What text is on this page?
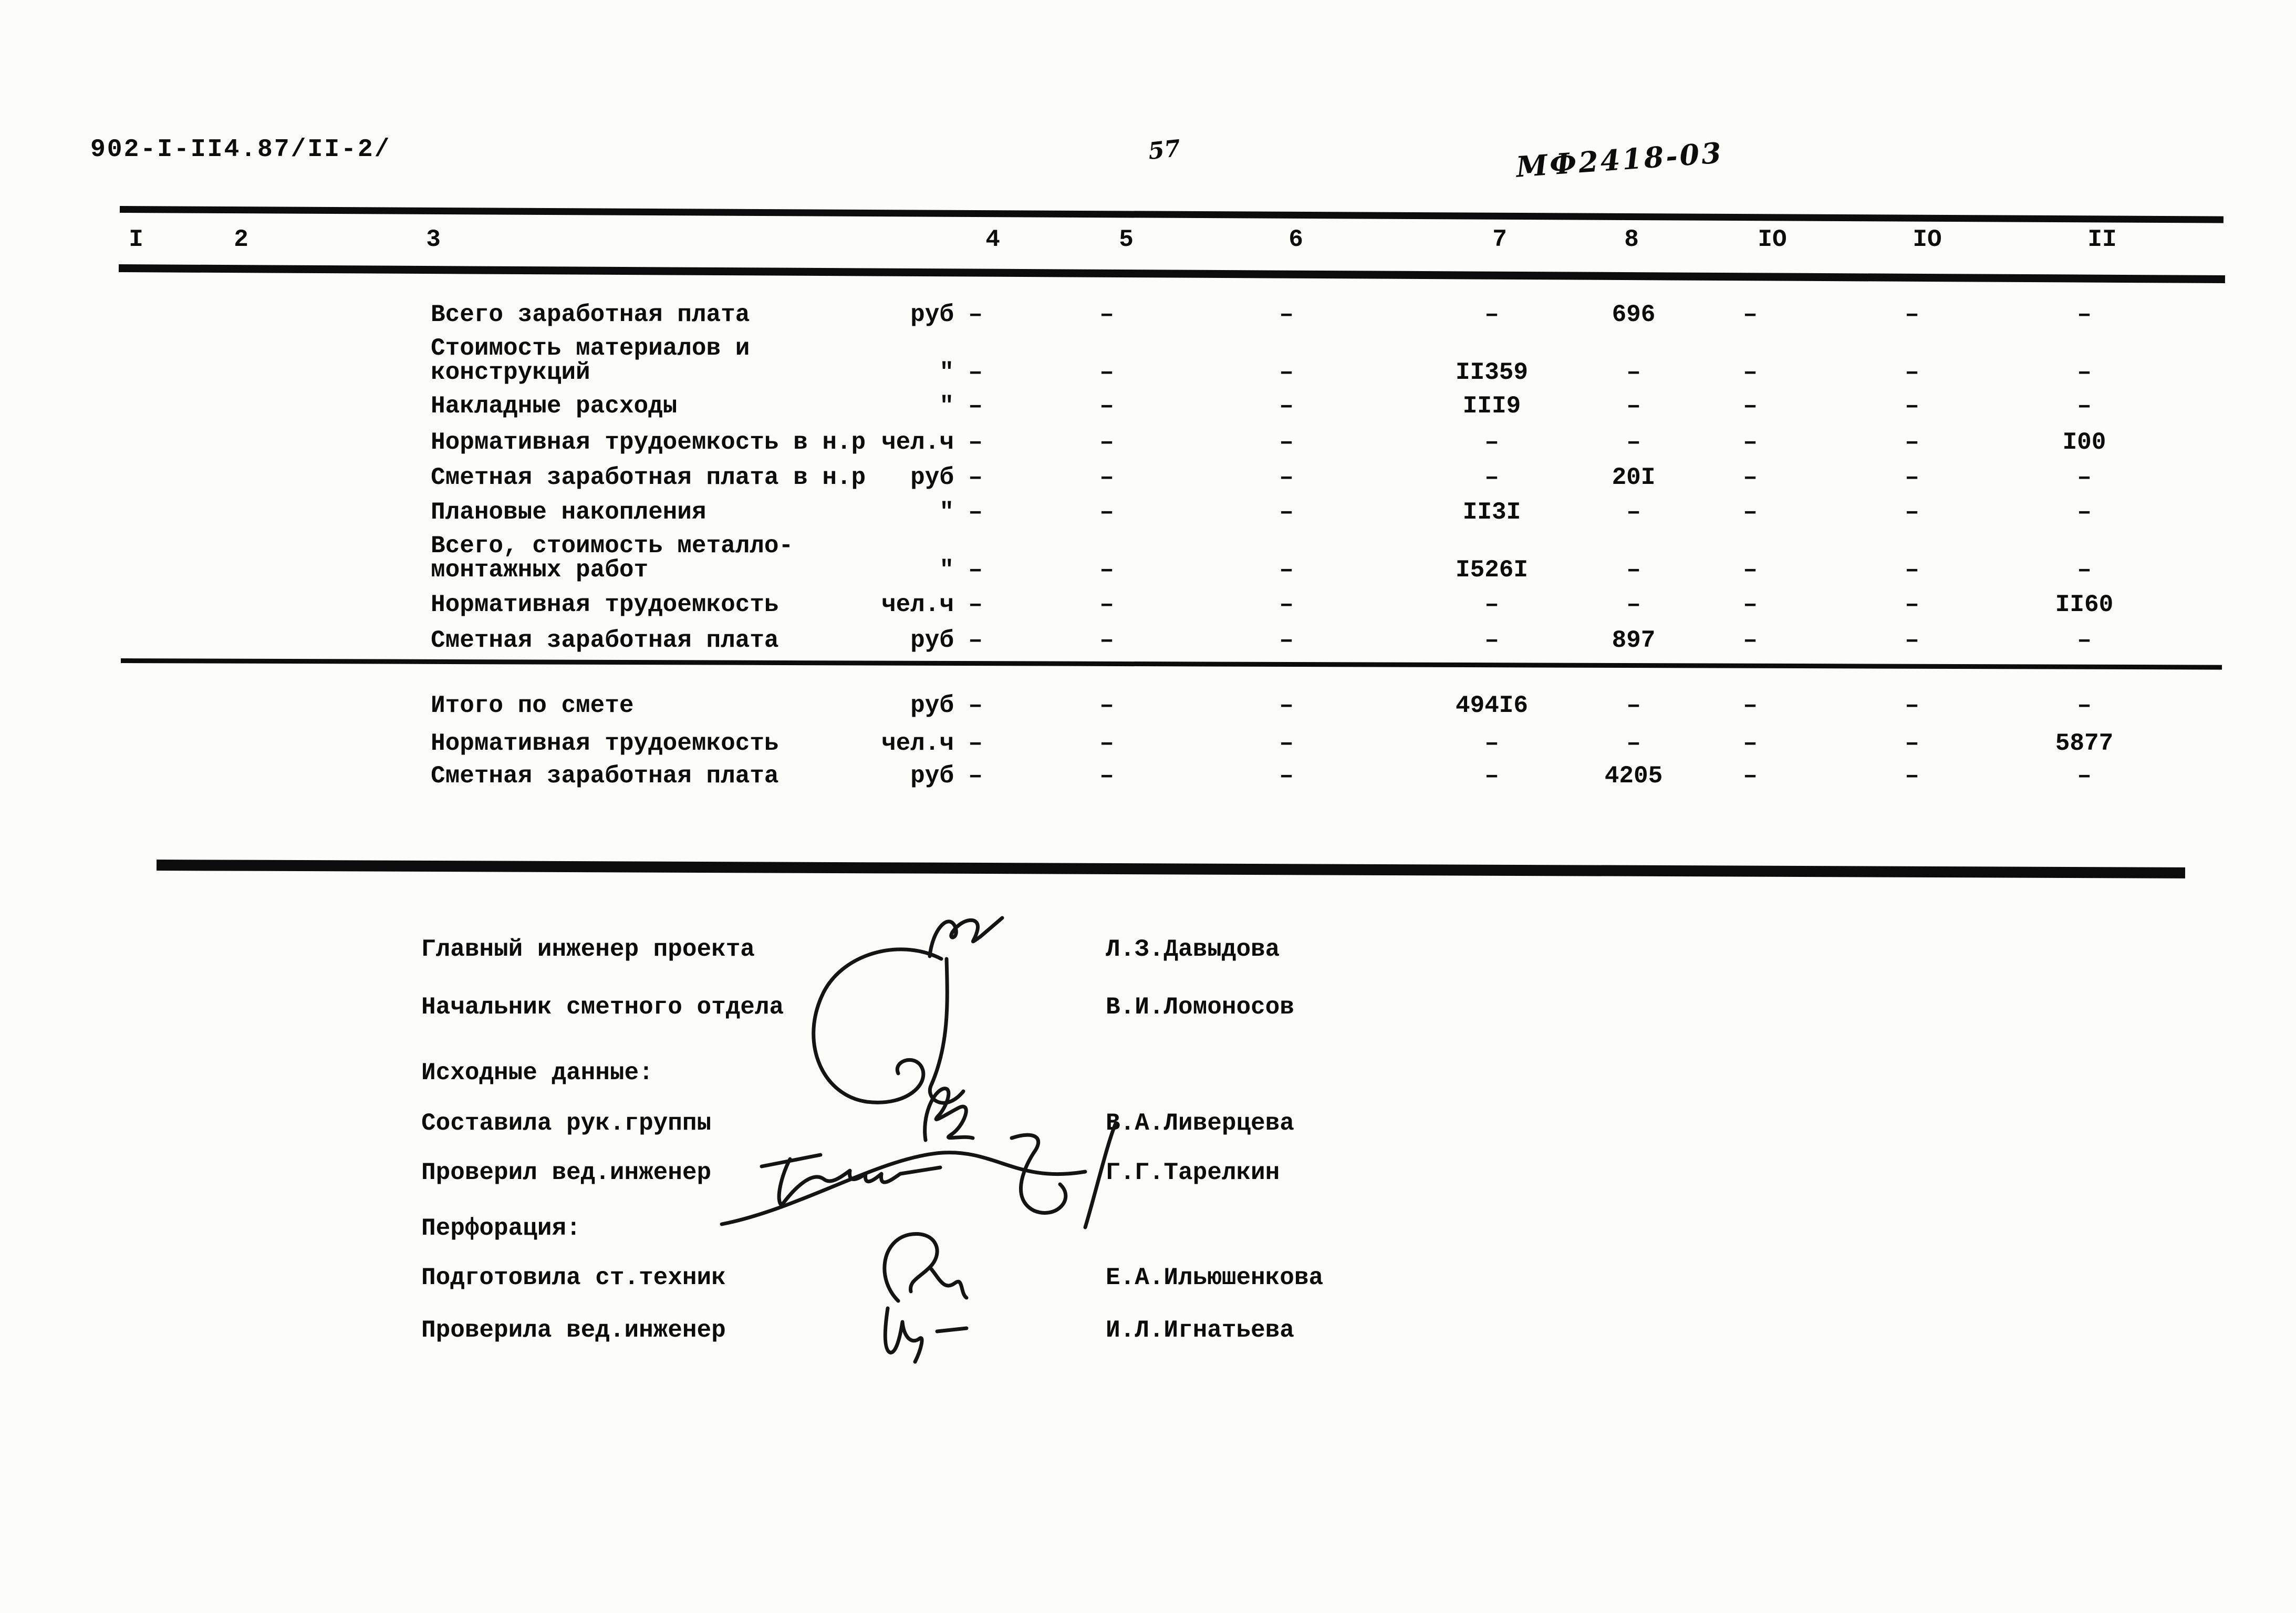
902-I-II4.87/II-2/	57	МФ2418-03
I	2	3	4	5	6	7	8	IO	IO	II
Всего заработная плата	руб –	–	–	–	696	–	–	–
Стоимость материалов и
конструкций	" –	–	–	II359	–	–	–	–
Накладные расходы	" –	–	–	III9	–	–	–	–
Нормативная трудоемкость в н.р чел.ч –	–	–	–	–	–	–	I00
Сметная заработная плата в н.р	руб –	–	–	–	20I	–	–	–
Плановые накопления	" –	–	–	II3I	–	–	–	–
Всего, стоимость металло-
монтажных работ	" –	–	–	I526I	–	–	–	–
Нормативная трудоемкость	чел.ч –	–	–	–	–	–	–	II60
Сметная заработная плата	руб –	–	–	–	897	–	–	–
Итого по смете	руб –	–	–	494I6	–	–	–	–
Нормативная трудоемкость	чел.ч –	–	–	–	–	–	–	5877
Сметная заработная плата	руб –	–	–	–	4205	–	–	–
Главный инженер проекта	Л.З.Давыдова
Начальник сметного отдела	В.И.Ломоносов
Исходные данные:
Составила рук.группы	В.А.Ливерцева
Проверил вед.инженер	Г.Г.Тарелкин
Перфорация:
Подготовила ст.техник	Е.А.Ильюшенкова
Проверила вед.инженер	И.Л.Игнатьева
